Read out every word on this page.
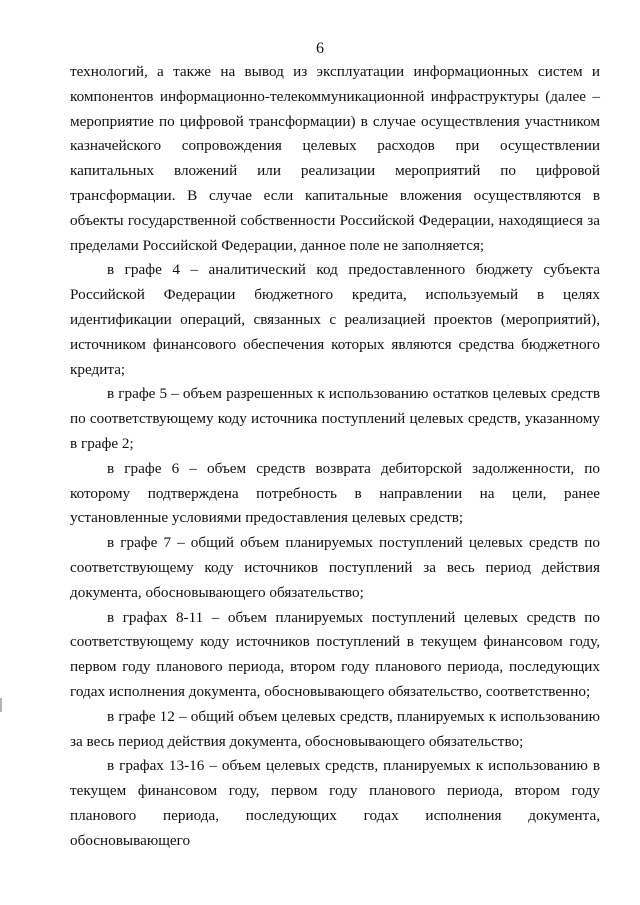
6

технологий, а также на вывод из эксплуатации информационных систем и компонентов информационно-телекоммуникационной инфраструктуры (далее – мероприятие по цифровой трансформации) в случае осуществления участником казначейского сопровождения целевых расходов при осуществлении капитальных вложений или реализации мероприятий по цифровой трансформации. В случае если капитальные вложения осуществляются в объекты государственной собственности Российской Федерации, находящиеся за пределами Российской Федерации, данное поле не заполняется;

в графе 4 – аналитический код предоставленного бюджету субъекта Российской Федерации бюджетного кредита, используемый в целях идентификации операций, связанных с реализацией проектов (мероприятий), источником финансового обеспечения которых являются средства бюджетного кредита;

в графе 5 – объем разрешенных к использованию остатков целевых средств по соответствующему коду источника поступлений целевых средств, указанному в графе 2;

в графе 6 – объем средств возврата дебиторской задолженности, по которому подтверждена потребность в направлении на цели, ранее установленные условиями предоставления целевых средств;

в графе 7 – общий объем планируемых поступлений целевых средств по соответствующему коду источников поступлений за весь период действия документа, обосновывающего обязательство;

в графах 8-11 – объем планируемых поступлений целевых средств по соответствующему коду источников поступлений в текущем финансовом году, первом году планового периода, втором году планового периода, последующих годах исполнения документа, обосновывающего обязательство, соответственно;

в графе 12 – общий объем целевых средств, планируемых к использованию за весь период действия документа, обосновывающего обязательство;

в графах 13-16 – объем целевых средств, планируемых к использованию в текущем финансовом году, первом году планового периода, втором году планового периода, последующих годах исполнения документа, обосновывающего
